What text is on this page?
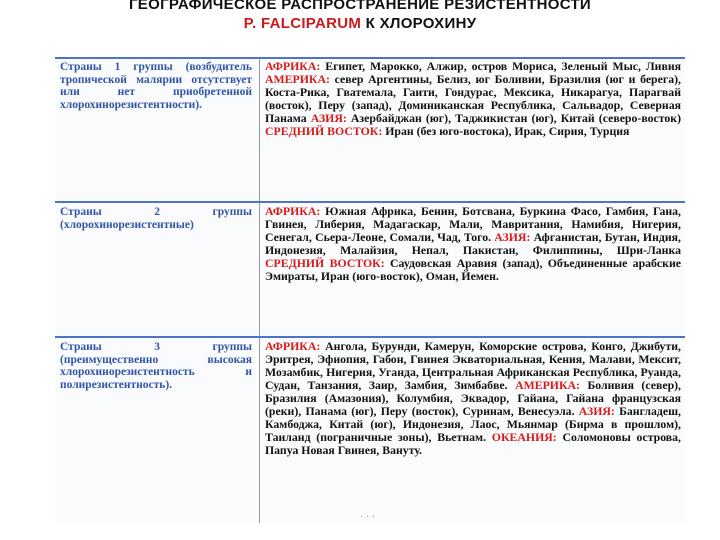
ГЕОГРАФИЧЕСКОЕ РАСПРОСТРАНЕНИЕ РЕЗИСТЕНТНОСТИ
P. FALCIPARUM К ХЛОРОХИНУ
Страны 1 группы (возбудитель тропической малярии отсутствует или нет приобретенной хлорохинорезистентности).
АФРИКА: Египет, Марокко, Алжир, остров Мориса, Зеленый Мыс, Ливия АМЕРИКА: север Аргентины, Белиз, юг Боливии, Бразилия (юг и берега), Коста-Рика, Гватемала, Гаити, Гондурас, Мексика, Никарагуа, Парагвай (восток), Перу (запад), Доминиканская Республика, Сальвадор, Северная Панама АЗИЯ: Азербайджан (юг), Таджикистан (юг), Китай (северо-восток) СРЕДНИЙ ВОСТОК: Иран (без юго-востока), Ирак, Сирия, Турция
Страны 2 группы (хлорохинорезистентные)
АФРИКА: Южная Африка, Бенин, Ботсвана, Буркина Фасо, Гамбия, Гана, Гвинея, Либерия, Мадагаскар, Мали, Мавритания, Намибия, Нигерия, Сенегал, Сьера-Леоне, Сомали, Чад, Того. АЗИЯ: Афганистан, Бутан, Индия, Индонезия, Малайзия, Непал, Пакистан, Филиппины, Шри-Ланка СРЕДНИЙ ВОСТОК: Саудовская Аравия (запад), Объединенные арабские Эмираты, Иран (юго-восток), Оман, Йемен.
Страны 3 группы (преимущественно высокая хлорохинорезистентность и полирезистентность).
АФРИКА: Ангола, Бурунди, Камерун, Коморские острова, Конго, Джибути, Эритрея, Эфиопия, Габон, Гвинея Экваториальная, Кения, Малави, Мексит, Мозамбик, Нигерия, Уганда, Центральная Африканская Республика, Руанда, Судан, Танзания, Заир, Замбия, Зимбабве. АМЕРИКА: Боливия (север), Бразилия (Амазония), Колумбия, Эквадор, Гайана, Гайана французская (реки), Панама (юг), Перу (восток), Суринам, Венесуэла. АЗИЯ: Бангладеш, Камбоджа, Китай (юг), Индонезия, Лаос, Мьянмар (Бирма в прошлом), Таиланд (пограничные зоны), Вьетнам. ОКЕАНИЯ: Соломоновы острова, Папуа Новая Гвинея, Вануту.
· · ·
